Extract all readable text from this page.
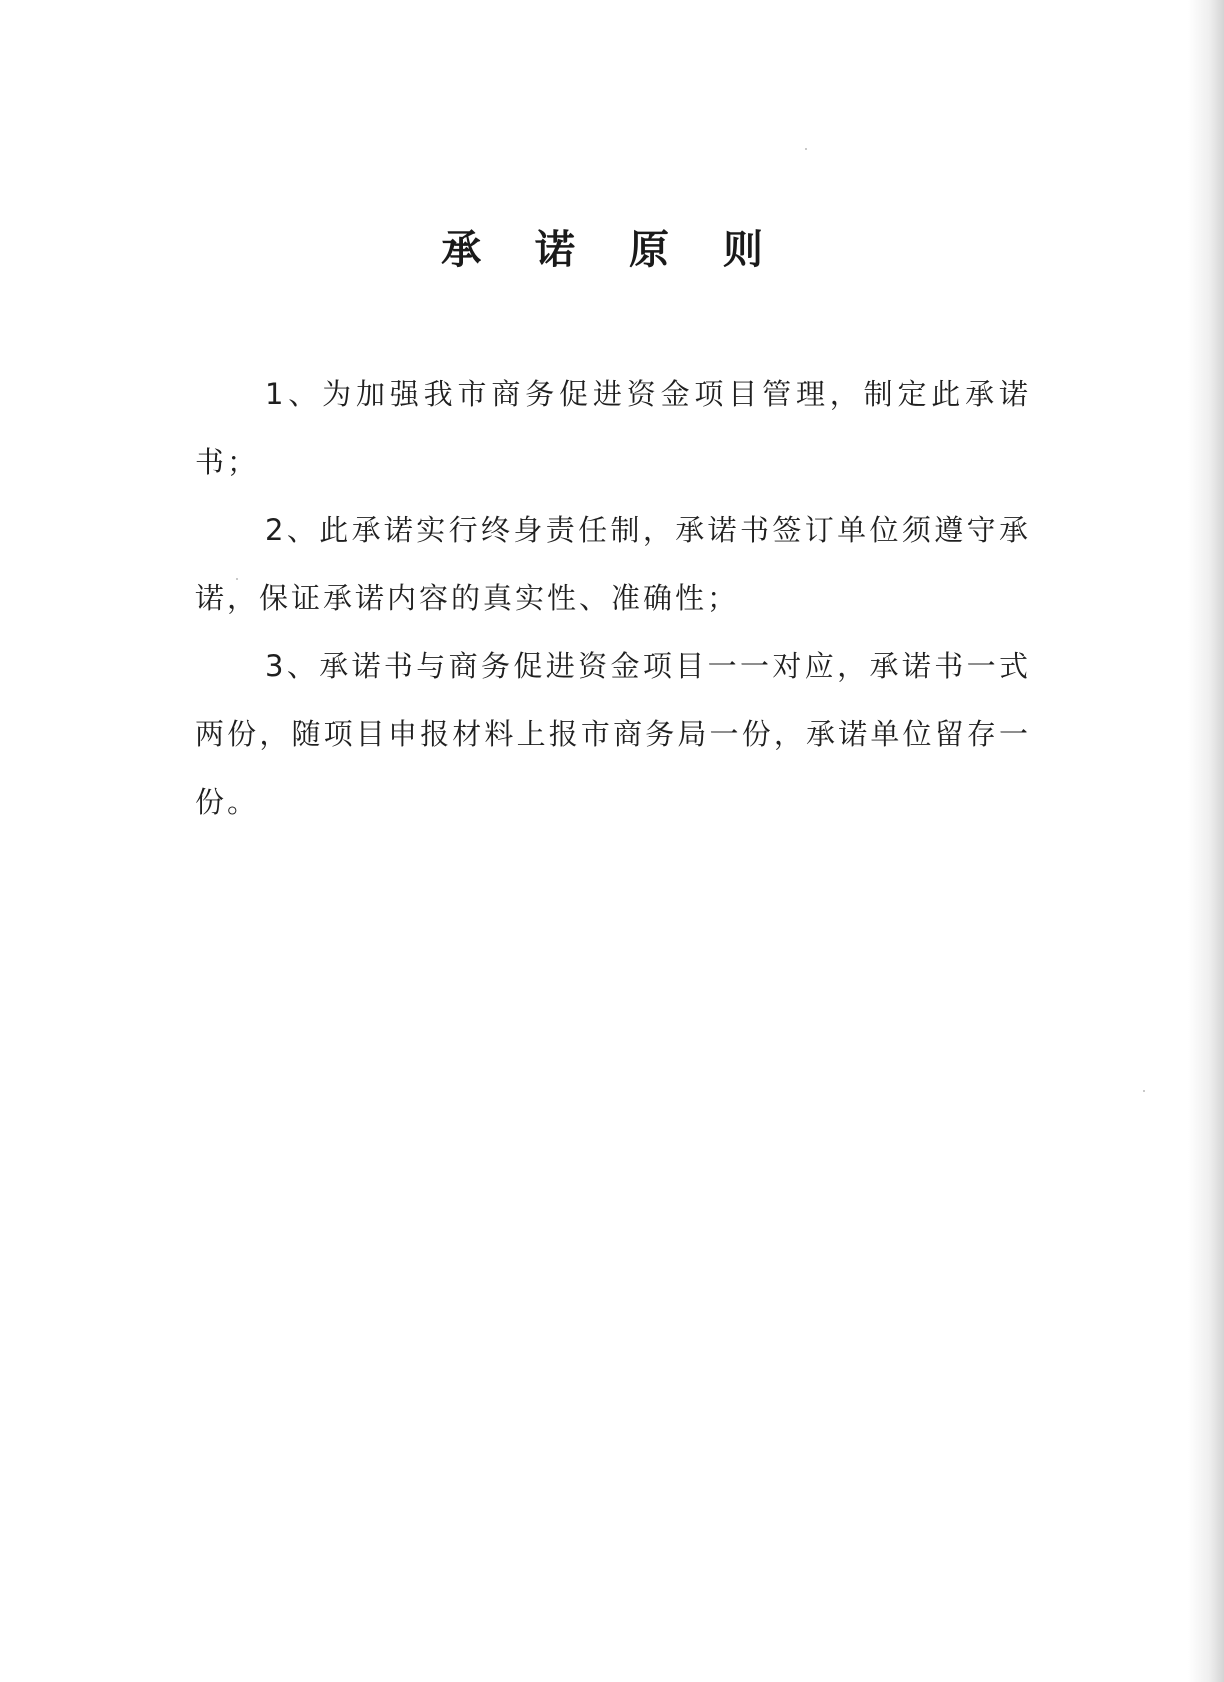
承 诺 原 则

1、为加强我市商务促进资金项目管理，制定此承诺书；

2、此承诺实行终身责任制，承诺书签订单位须遵守承诺，保证承诺内容的真实性、准确性；

3、承诺书与商务促进资金项目一一对应，承诺书一式两份，随项目申报材料上报市商务局一份，承诺单位留存一份。
